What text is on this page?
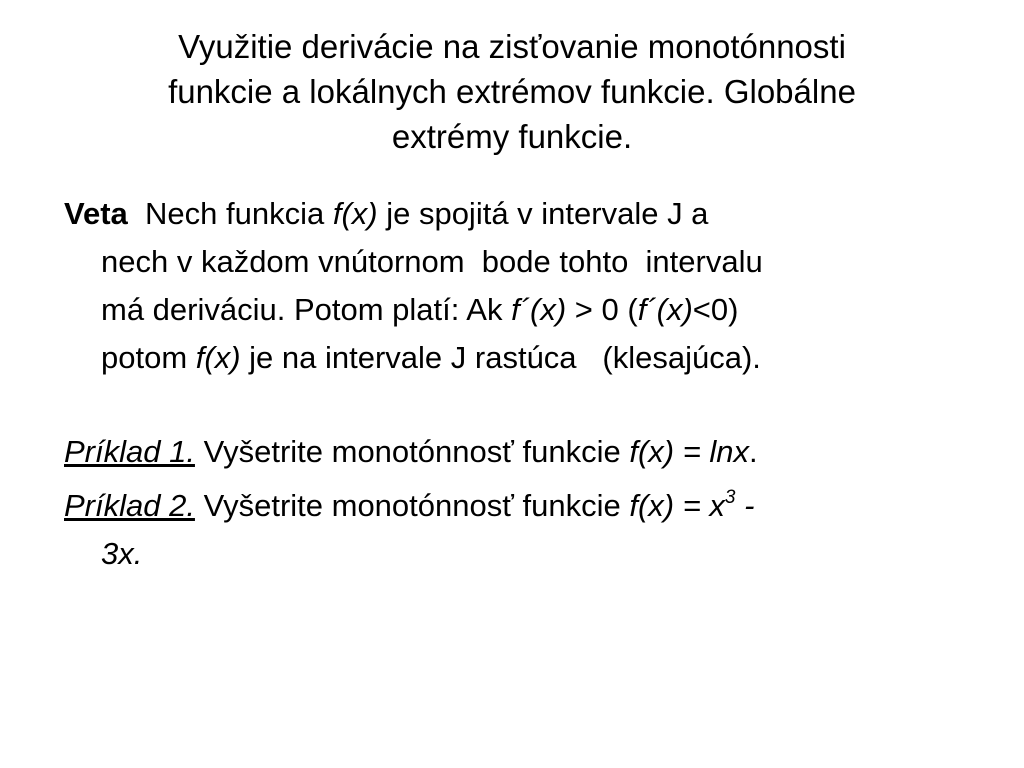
Využitie derivácie na zisťovanie monotónnosti
funkcie a lokálnych extrémov funkcie. Globálne
extrémy funkcie.

Veta  Nech funkcia f(x) je spojitá v intervale J a
nech v každom vnútornom  bode tohto  intervalu
má deriváciu. Potom platí: Ak f´(x) > 0 (f´(x)<0)
potom f(x) je na intervale J rastúca   (klesajúca).

Príklad 1. Vyšetrite monotónnosť funkcie f(x) = lnx.

Príklad 2. Vyšetrite monotónnosť funkcie $f(x) = x^3$ -
3x.
